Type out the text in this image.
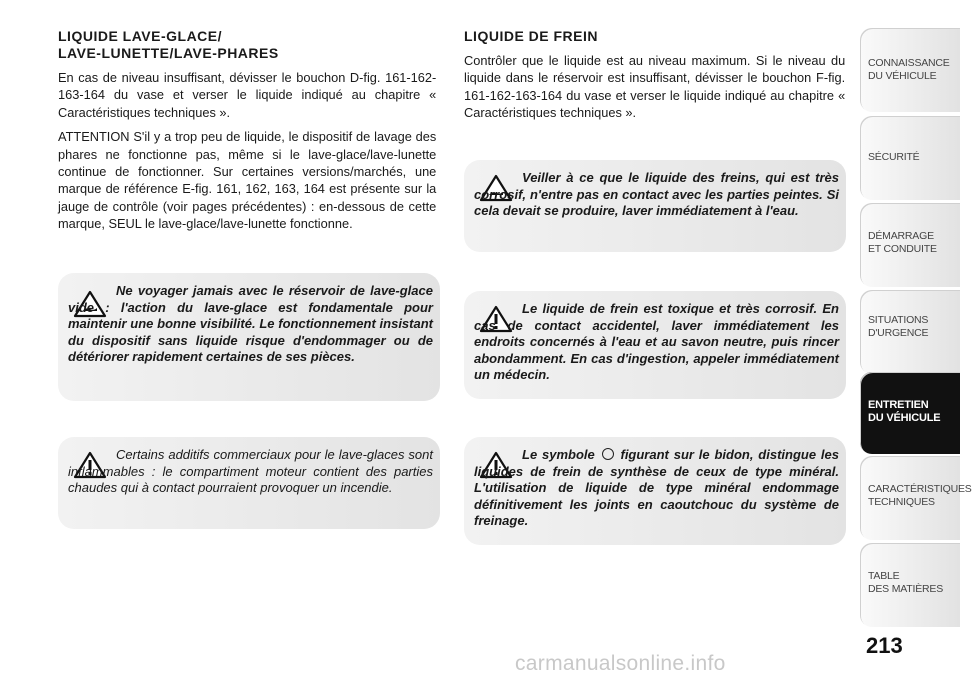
LIQUIDE LAVE-GLACE/
LAVE-LUNETTE/LAVE-PHARES

En cas de niveau insuffisant, dévisser le bouchon D-fig. 161-162-163-164 du vase et verser le liquide indiqué au chapitre « Caractéristiques techniques ».

ATTENTION S'il y a trop peu de liquide, le dispositif de lavage des phares ne fonctionne pas, même si le lave-glace/lave-lunette continue de fonctionner. Sur certaines versions/marchés, une marque de référence E-fig. 161, 162, 163, 164 est présente sur la jauge de contrôle (voir pages précédentes) : en-dessous de cette marque, SEUL le lave-glace/lave-lunette fonctionne.

Ne voyager jamais avec le réservoir de lave-glace vide : l'action du lave-glace est fondamentale pour maintenir une bonne visibilité. Le fonctionnement insistant du dispositif sans liquide risque d'endommager ou de détériorer rapidement certaines de ses pièces.

Certains additifs commerciaux pour le lave-glaces sont inflammables : le compartiment moteur contient des parties chaudes qui à contact pourraient provoquer un incendie.

LIQUIDE DE FREIN

Contrôler que le liquide est au niveau maximum. Si le niveau du liquide dans le réservoir est insuffisant, dévisser le bouchon F-fig. 161-162-163-164 du vase et verser le liquide indiqué au chapitre « Caractéristiques techniques ».

Veiller à ce que le liquide des freins, qui est très corrosif, n'entre pas en contact avec les parties peintes. Si cela devait se produire, laver immédiatement à l'eau.

Le liquide de frein est toxique et très corrosif. En cas de contact accidentel, laver immédiatement les endroits concernés à l'eau et au savon neutre, puis rincer abondamment. En cas d'ingestion, appeler immédiatement un médecin.

Le symbole figurant sur le bidon, distingue les liquides de frein de synthèse de ceux de type minéral. L'utilisation de liquide de type minéral endommage définitivement les joints en caoutchouc du système de freinage.

CONNAISSANCE
DU VÉHICULE
SÉCURITÉ
DÉMARRAGE
ET CONDUITE
SITUATIONS
D'URGENCE
ENTRETIEN
DU VÉHICULE
CARACTÉRISTIQUES
TECHNIQUES
TABLE
DES MATIÈRES
213
carmanualsonline.info
